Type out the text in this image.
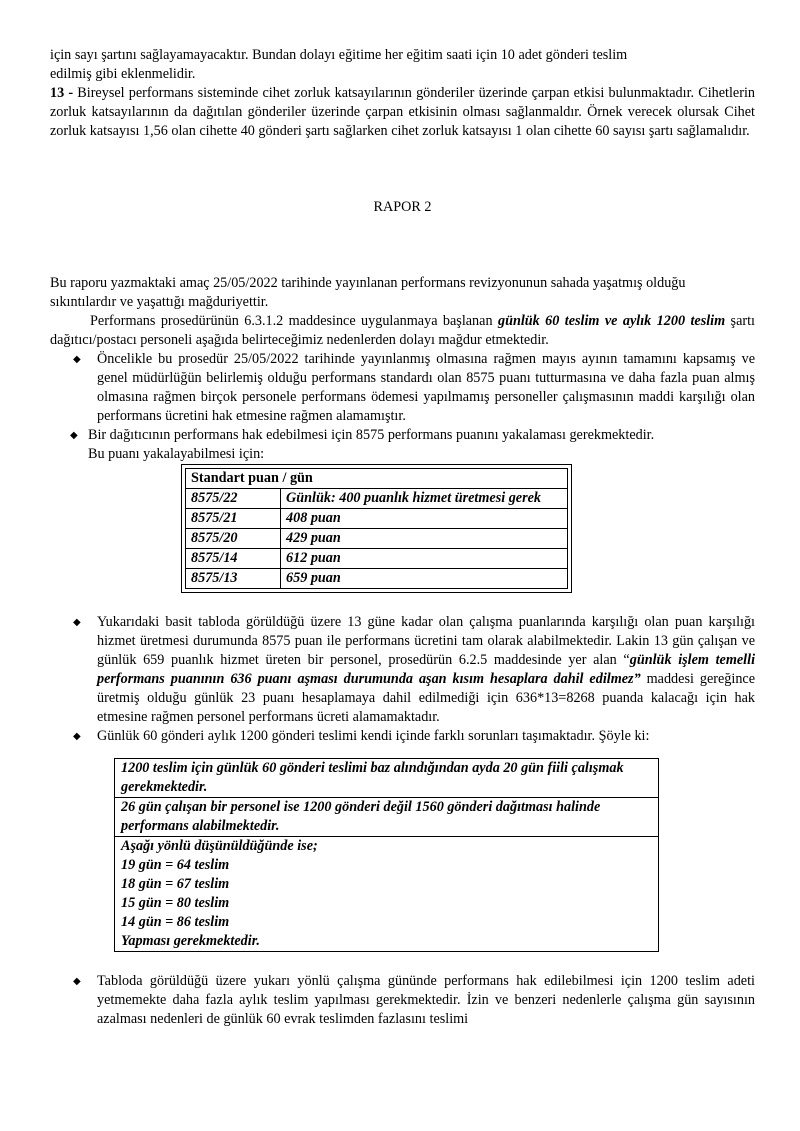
için sayı şartını sağlayamayacaktır. Bundan dolayı eğitime her eğitim saati için 10 adet gönderi teslim
edilmiş gibi eklenmelidir.

13 - Bireysel performans sisteminde cihet zorluk katsayılarının gönderiler üzerinde çarpan etkisi bulunmaktadır. Cihetlerin zorluk katsayılarının da dağıtılan gönderiler üzerinde çarpan etkisinin olması sağlanmaldır. Örnek verecek olursak Cihet zorluk katsayısı 1,56 olan cihette 40 gönderi şartı sağlarken cihet zorluk katsayısı 1 olan cihette 60 sayısı şartı sağlamalıdır.

RAPOR 2

Bu raporu yazmaktaki amaç 25/05/2022 tarihinde yayınlanan performans revizyonunun sahada yaşatmış olduğu sıkıntılardır ve yaşattığı mağduriyettir.

Performans prosedürünün 6.3.1.2 maddesince uygulanmaya başlanan günlük 60 teslim ve aylık 1200 teslim şartı dağıtıcı/postacı personeli aşağıda belirteceğimiz nedenlerden dolayı mağdur etmektedir.

◆ Öncelikle bu prosedür 25/05/2022 tarihinde yayınlanmış olmasına rağmen mayıs ayının tamamını kapsamış ve genel müdürlüğün belirlemiş olduğu performans standardı olan 8575 puanı tutturmasına ve daha fazla puan almış olmasına rağmen birçok personele performans ödemesi yapılmamış personeller çalışmasının maddi karşılığı olan performans ücretini hak etmesine rağmen alamamıştır.
◆ Bir dağıtıcının performans hak edebilmesi için 8575 performans puanını yakalaması gerekmektedir.
Bu puanı yakalayabilmesi için:
Standart puan / gün	
8575/22	Günlük: 400 puanlık hizmet üretmesi gerek
8575/21	408 puan
8575/20	429 puan
8575/14	612 puan
8575/13	659 puan
◆ Yukarıdaki basit tabloda görüldüğü üzere 13 güne kadar olan çalışma puanlarında karşılığı olan puan karşılığı hizmet üretmesi durumunda 8575 puan ile performans ücretini tam olarak alabilmektedir. Lakin 13 gün çalışan ve günlük 659 puanlık hizmet üreten bir personel, prosedürün 6.2.5 maddesinde yer alan “günlük işlem temelli performans puanının 636 puanı aşması durumunda aşan kısım hesaplara dahil edilmez” maddesi gereğince üretmiş olduğu günlük 23 puanı hesaplamaya dahil edilmediği için 636*13=8268 puanda kalacağı için hak etmesine rağmen personel performans ücreti alamamaktadır.
◆ Günlük 60 gönderi aylık 1200 gönderi teslimi kendi içinde farklı sorunları taşımaktadır. Şöyle ki:
1200 teslim için günlük 60 gönderi teslimi baz alındığından ayda 20 gün fiili çalışmak gerekmektedir.
26 gün çalışan bir personel ise 1200 gönderi değil 1560 gönderi dağıtması halinde performans alabilmektedir.
Aşağı yönlü düşünüldüğünde ise;
19 gün = 64 teslim
18 gün = 67 teslim
15 gün = 80 teslim
14 gün = 86 teslim
Yapması gerekmektedir.
◆ Tabloda görüldüğü üzere yukarı yönlü çalışma gününde performans hak edilebilmesi için 1200 teslim adeti yetmemekte daha fazla aylık teslim yapılması gerekmektedir. İzin ve benzeri nedenlerle çalışma gün sayısının azalması nedenleri de günlük 60 evrak teslimden fazlasını teslimi
